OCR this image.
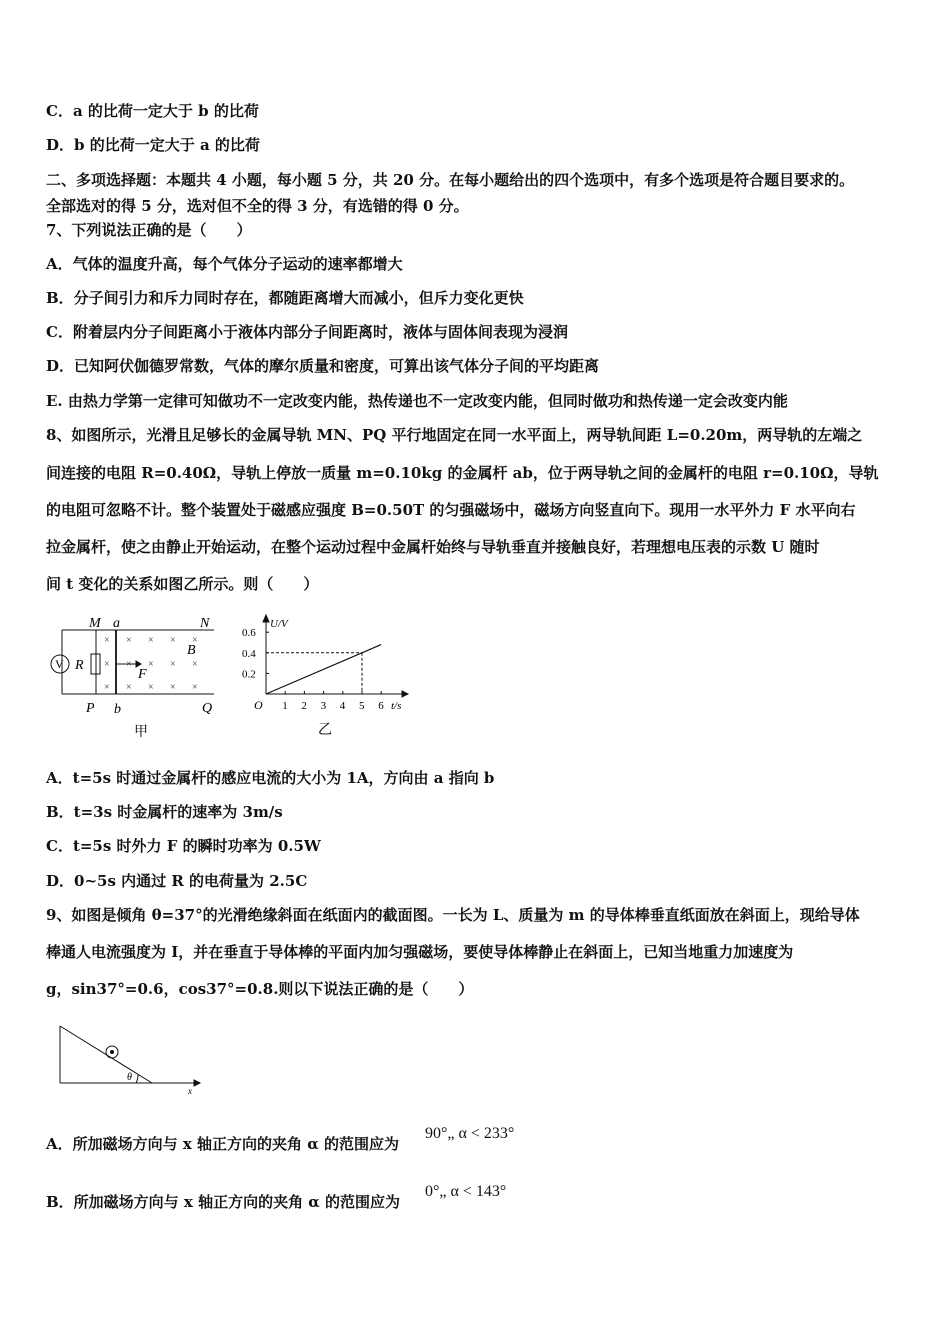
C．a 的比荷一定大于 b 的比荷
D．b 的比荷一定大于 a 的比荷
二、多项选择题：本题共 4 小题，每小题 5 分，共 20 分。在每小题给出的四个选项中，有多个选项是符合题目要求的。
全部选对的得 5 分，选对但不全的得 3 分，有选错的得 0 分。
7、下列说法正确的是（　　）
A．气体的温度升高，每个气体分子运动的速率都增大
B．分子间引力和斥力同时存在，都随距离增大而减小，但斥力变化更快
C．附着层内分子间距离小于液体内部分子间距离时，液体与固体间表现为浸润
D．已知阿伏伽德罗常数，气体的摩尔质量和密度，可算出该气体分子间的平均距离
E. 由热力学第一定律可知做功不一定改变内能，热传递也不一定改变内能，但同时做功和热传递一定会改变内能
8、如图所示，光滑且足够长的金属导轨 MN、PQ 平行地固定在同一水平面上，两导轨间距 L=0.20m，两导轨的左端之
间连接的电阻 R=0.40Ω，导轨上停放一质量 m=0.10kg 的金属杆 ab，位于两导轨之间的金属杆的电阻 r=0.10Ω，导轨
的电阻可忽略不计。整个装置处于磁感应强度 B=0.50T 的匀强磁场中，磁场方向竖直向下。现用一水平外力 F 水平向右
拉金属杆，使之由静止开始运动，在整个运动过程中金属杆始终与导轨垂直并接触良好，若理想电压表的示数 U 随时
间 t 变化的关系如图乙所示。则（　　）
V R
M a	N
P b	Q
F
B
× × × × ×
× × × × ×
× × × × ×
甲
U/V
t/s
O 1 2 3 4 5 6
0.2
0.4
0.6
乙
A．t=5s 时通过金属杆的感应电流的大小为 1A，方向由 a 指向 b
B．t=3s 时金属杆的速率为 3m/s
C．t=5s 时外力 F 的瞬时功率为 0.5W
D．0~5s 内通过 R 的电荷量为 2.5C
9、如图是倾角 θ=37°的光滑绝缘斜面在纸面内的截面图。一长为 L、质量为 m 的导体棒垂直纸面放在斜面上，现给导体
棒通人电流强度为 I，并在垂直于导体棒的平面内加匀强磁场，要使导体棒静止在斜面上，已知当地重力加速度为
g，sin37°=0.6，cos37°=0.8.则以下说法正确的是（　　）
θ
x
A．所加磁场方向与 x 轴正方向的夹角 α 的范围应为
90°„ α < 233°
B．所加磁场方向与 x 轴正方向的夹角 α 的范围应为
0°„ α < 143°
